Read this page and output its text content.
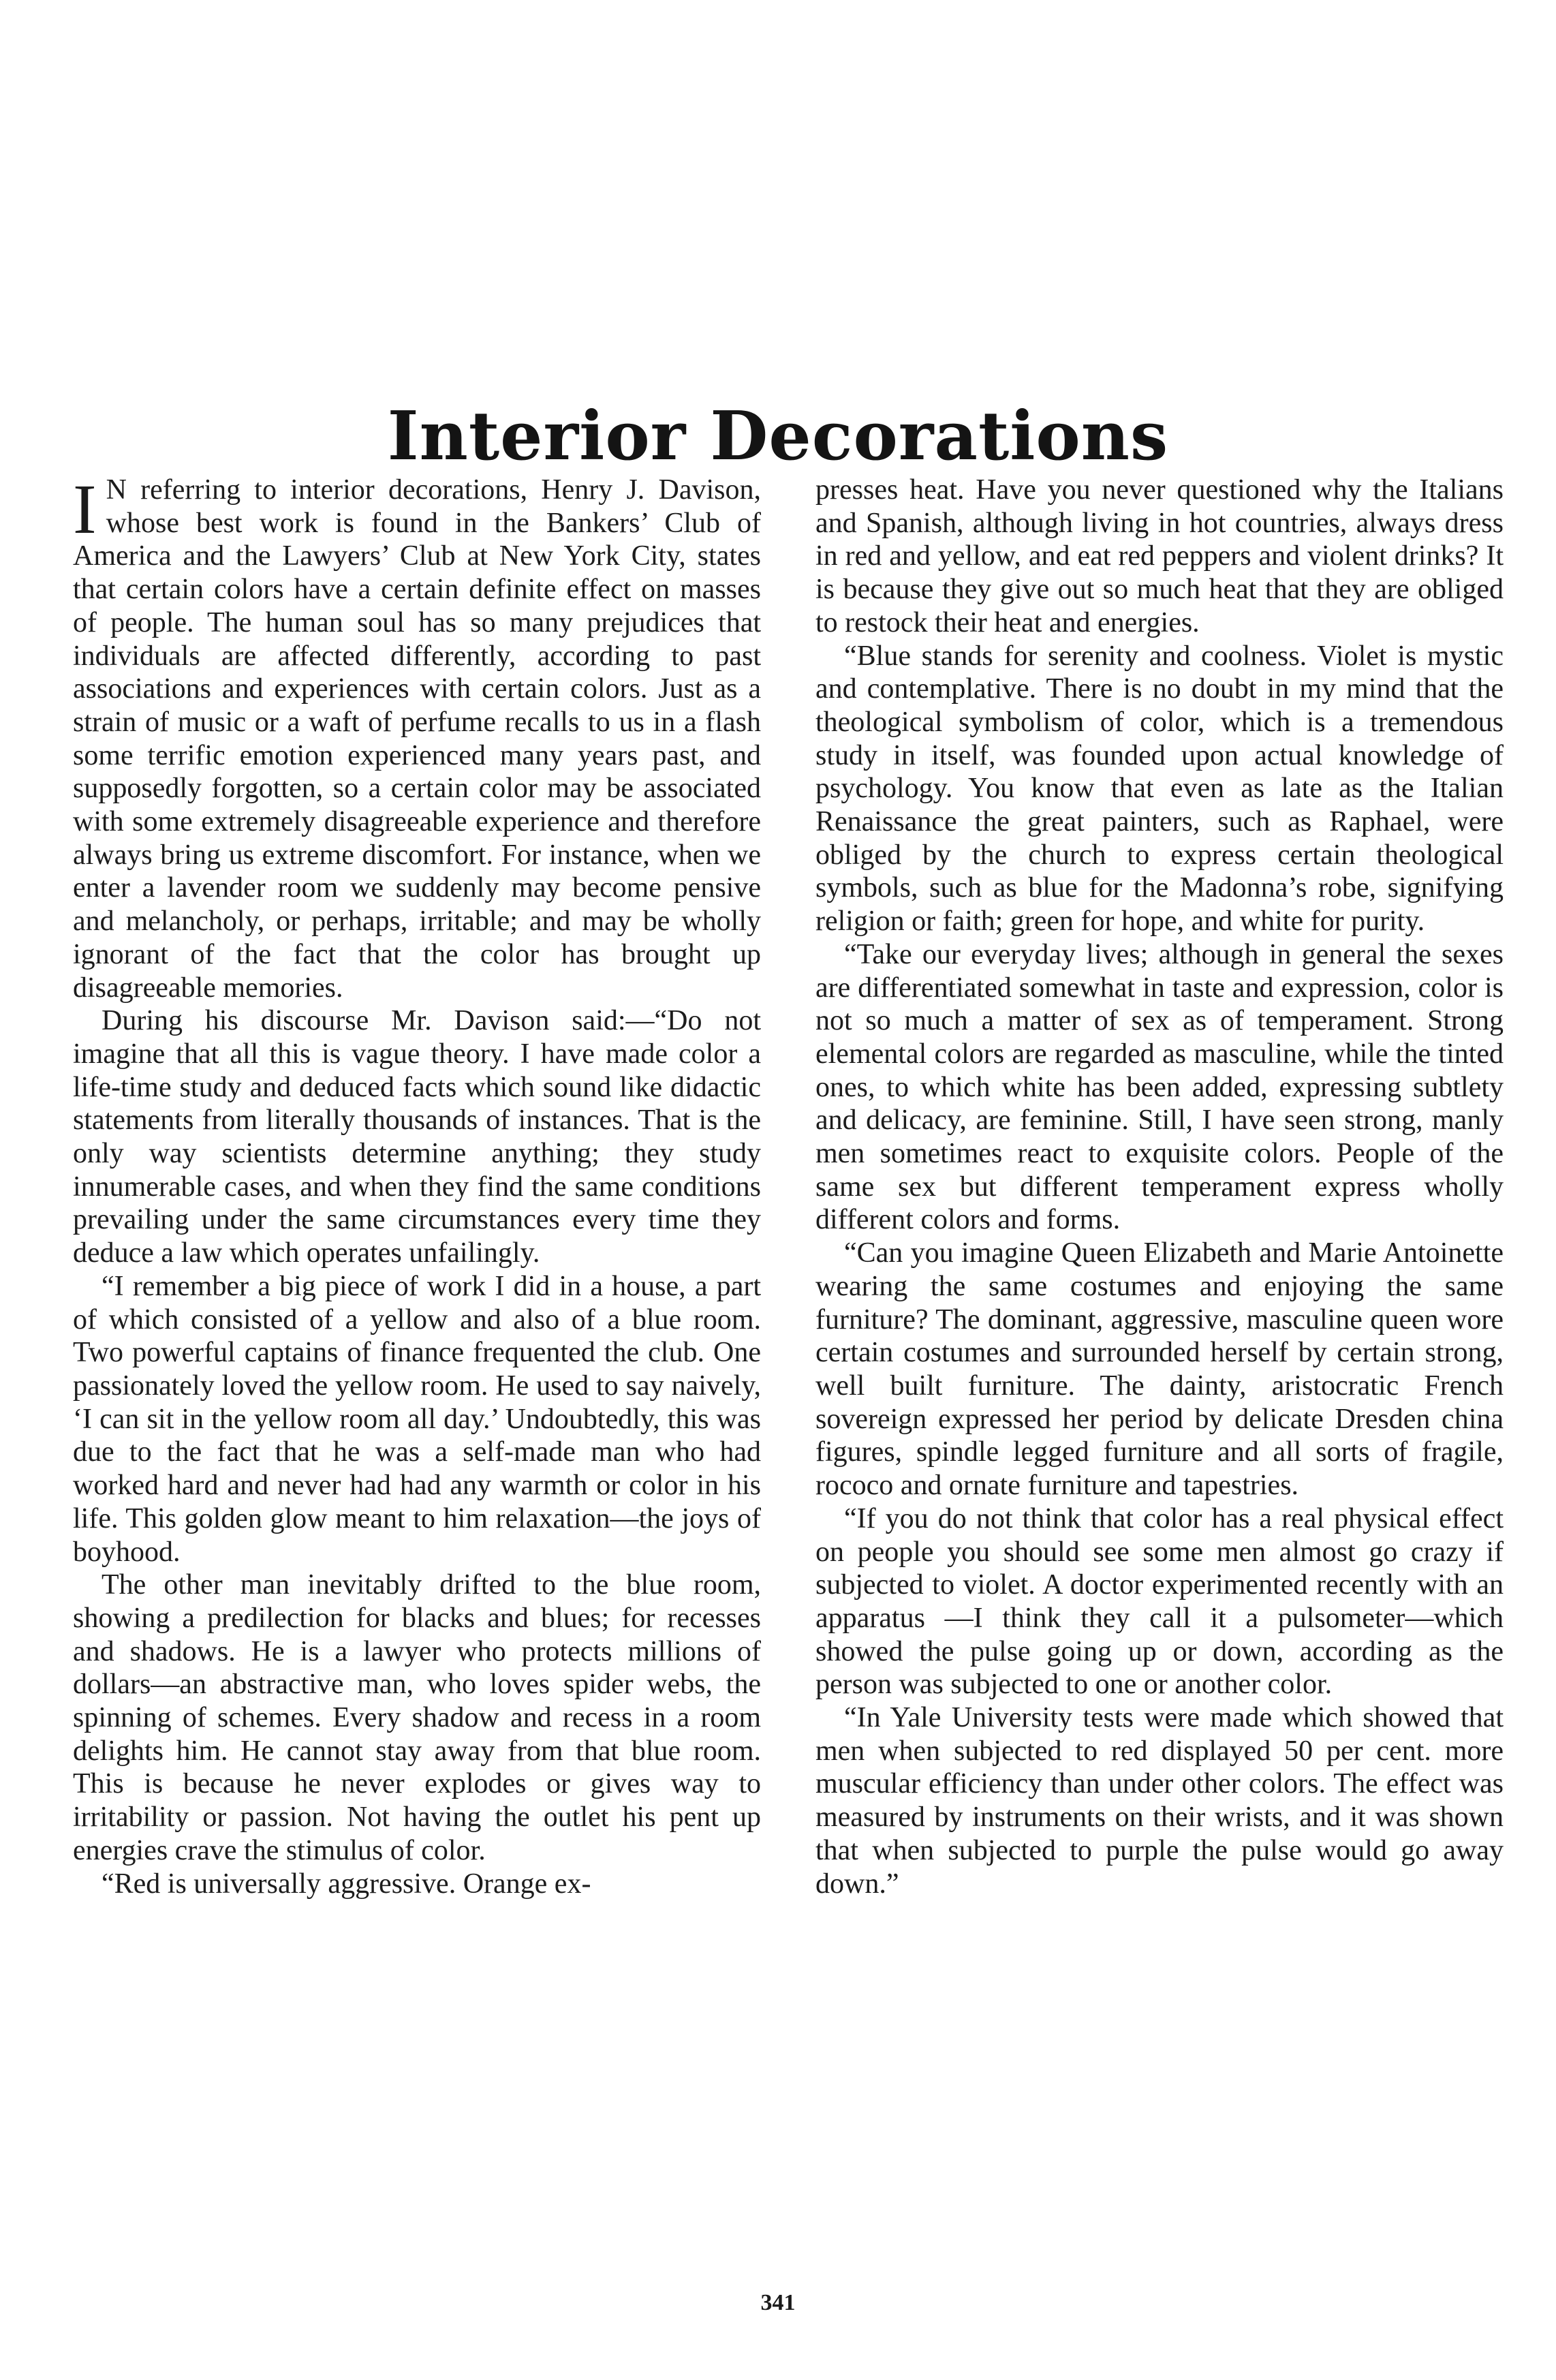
Interior Decorations

I N referring to interior decorations, Henry J. Davison, whose best work is found in the Bankers’ Club of America and the Lawyers’ Club at New York City, states that certain colors have a certain definite effect on masses of people. The human soul has so many prejudices that individuals are affected differently, according to past associations and experiences with certain colors. Just as a strain of music or a waft of perfume recalls to us in a flash some terrific emotion experienced many years past, and supposedly forgotten, so a certain color may be associated with some extremely disagreeable experience and therefore always bring us extreme discomfort. For instance, when we enter a lavender room we suddenly may become pensive and melancholy, or perhaps, irritable; and may be wholly ignorant of the fact that the color has brought up disagreeable memories.

During his discourse Mr. Davison said:—“Do not imagine that all this is vague theory. I have made color a life-time study and deduced facts which sound like didactic statements from literally thousands of instances. That is the only way scientists determine anything; they study innumerable cases, and when they find the same conditions prevailing under the same circumstances every time they deduce a law which operates unfailingly.

“I remember a big piece of work I did in a house, a part of which consisted of a yellow and also of a blue room. Two powerful captains of finance frequented the club. One passionately loved the yellow room. He used to say naively, ‘I can sit in the yellow room all day.’ Undoubtedly, this was due to the fact that he was a self-made man who had worked hard and never had had any warmth or color in his life. This golden glow meant to him relaxation—the joys of boyhood.

The other man inevitably drifted to the blue room, showing a predilection for blacks and blues; for recesses and shadows. He is a lawyer who protects millions of dollars—an abstractive man, who loves spider webs, the spinning of schemes. Every shadow and recess in a room delights him. He cannot stay away from that blue room. This is because he never explodes or gives way to irritability or passion. Not having the outlet his pent up energies crave the stimulus of color.

“Red is universally aggressive. Orange ex-

presses heat. Have you never questioned why the Italians and Spanish, although living in hot countries, always dress in red and yellow, and eat red peppers and violent drinks? It is because they give out so much heat that they are obliged to restock their heat and energies.

“Blue stands for serenity and coolness. Violet is mystic and contemplative. There is no doubt in my mind that the theological symbolism of color, which is a tremendous study in itself, was founded upon actual knowledge of psychology. You know that even as late as the Italian Renaissance the great painters, such as Raphael, were obliged by the church to express certain theological symbols, such as blue for the Madonna’s robe, signifying religion or faith; green for hope, and white for purity.

“Take our everyday lives; although in general the sexes are differentiated somewhat in taste and expression, color is not so much a matter of sex as of temperament. Strong elemental colors are regarded as masculine, while the tinted ones, to which white has been added, expressing subtlety and delicacy, are feminine. Still, I have seen strong, manly men sometimes react to exquisite colors. People of the same sex but different temperament express wholly different colors and forms.

“Can you imagine Queen Elizabeth and Marie Antoinette wearing the same costumes and enjoying the same furniture? The dominant, aggressive, masculine queen wore certain costumes and surrounded herself by certain strong, well built furniture. The dainty, aristocratic French sovereign expressed her period by delicate Dresden china figures, spindle legged furniture and all sorts of fragile, rococo and ornate furniture and tapestries.

“If you do not think that color has a real physical effect on people you should see some men almost go crazy if subjected to violet. A doctor experimented recently with an apparatus —I think they call it a pulsometer—which showed the pulse going up or down, according as the person was subjected to one or another color.

“In Yale University tests were made which showed that men when subjected to red displayed 50 per cent. more muscular efficiency than under other colors. The effect was measured by instruments on their wrists, and it was shown that when subjected to purple the pulse would go away down.”

341
